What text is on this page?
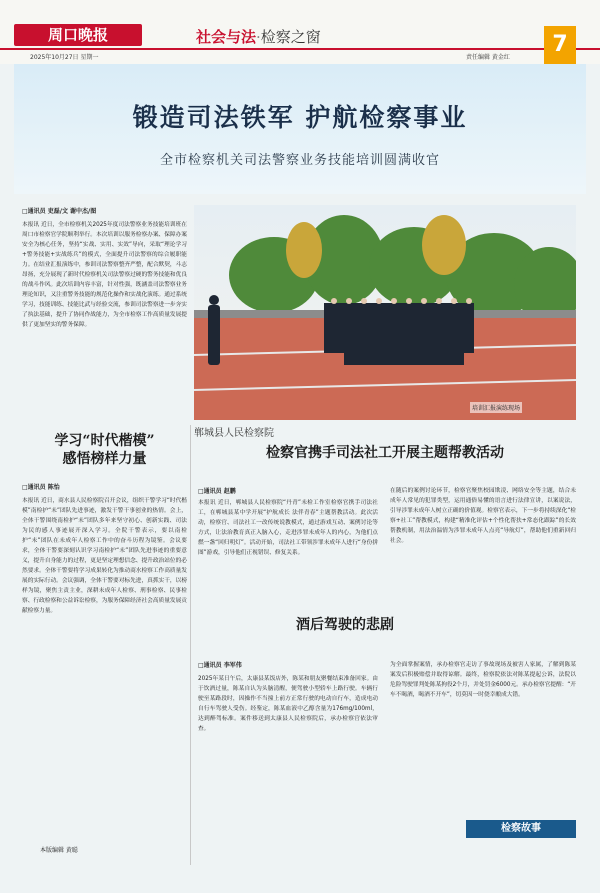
周口晚报
2025年10月27日 星期一
社会与法·检察之窗
责任编辑 黄金红
7
锻造司法铁军 护航检察事业
全市检察机关司法警察业务技能培训圆满收官
□通讯员 吏磊/文 谢中杰/图
本报讯 近日，全市检察机关2025年度司法警察业务技能培训班在周口市检察官学院顺利举行。本次培训以服务检察办案、保障办案安全为核心任务，坚持“实战、实用、实效”导向，采取“理论学习+警务技能+实战练兵”的模式，全面提升司法警察的综合履职能力。在结业汇报演练中，参训司法警察整齐严整，配合默契，斗志昂扬，充分展现了新时代检察机关司法警察过硬的警务技能和优良的战斗作风。此次培训内容丰富，针对性强，既涵盖司法警察业务理论知识，又注重警务技能的规范化操作和实战化演练。通过系统学习，技能训练、技能比武与经验交流，参训司法警察进一步夯实了执法基础，提升了协同作战能力，为全市检察工作高质量发展提供了更加坚实的警务保障。
培训汇报演练现场
学习“时代楷模”
感悟榜样力量
□通讯员 陈怡
本报讯 近日，商水县人民检察院召开会议，组织干警学习“时代楷模”南检护“未”团队先进事迹，激发干警干事创业的热情。会上，全体干警围绕南检护“未”团队多年来坚守初心、创新实践、司法为民的感人事迹展开深入学习。全院干警表示，要以南检护“未”团队在未成年人检察工作中的奋斗历程为镜鉴。会议要求，全体干警要深刻认识学习南检护“未”团队先进事迹的重要意义，提升自身能力的过程，更是坚定理想信念、提升政治站位的必然要求。全体干警要将学习成果转化为推动商水检察工作高质量发展的实际行动。会议强调，全体干警要对标先进，真抓实干，以榜样为镜，聚焦主责主业，深耕未成年人检察、刑事检察、民事检察、行政检察和公益诉讼检察，为服务保障经济社会高质量发展贡献检察力量。
本版编辑 黄聪
郸城县人民检察院
检察官携手司法社工开展主题帮教活动
□通讯员 赵鹏
本报讯 近日，郸城县人民检察院“丹青”未检工作室检察官携手司法社工，在郸城县某中学开展“护航成长 法伴青春”主题帮教活动。此次活动，检察官、司法社工一改传统说教模式，通过游戏互动、案例讨论等方式，让法治教育真正入脑入心，走进涉罪未成年人的内心，为他们点燃一盏“回归明灯”。活动开始，司法社工带领涉罪未成年人进行“身份拼图”游戏，引导他们正视错误、修复关系。
在随后的案例讨论环节，检察官聚焦校园欺凌、网络安全等主题，结合未成年人常见的犯罪类型，运用通俗易懂的语言进行法律宣讲，以案说法，引导涉罪未成年人树立正确的价值观。检察官表示，下一步将持续深化“检察+社工”帮教模式，构建“精准化评估+个性化帮扶+常态化跟踪”的长效帮教机制，用法治温情为涉罪未成年人点亮“导航灯”，帮助他们重新回归社会。
酒后驾驶的悲剧
□通讯员 李军伟
2025年某日午后，太康县某饭店外，陈某和朋友聚餐结束准备回家。由于饮酒过量，陈某自认为头脑清醒，便驾驶小型轿车上路行驶。车辆行驶至某路段时，因操作不当撞上前方正常行驶的电动自行车，造成电动自行车驾驶人受伤。经鉴定，陈某血液中乙醇含量为176mg/100ml，达到醉驾标准。案件移送到太康县人民检察院后，承办检察官依法审查。
为全面掌握案情，承办检察官走访了事故现场及被害人家属，了解到陈某案发后积极赔偿并取得谅解。最终，检察院依法对陈某提起公诉，法院以危险驾驶罪判处陈某拘役2个月，并处罚金6000元。承办检察官提醒：“开车不喝酒，喝酒不开车”，切莫因一时侥幸酿成大错。
检察故事
